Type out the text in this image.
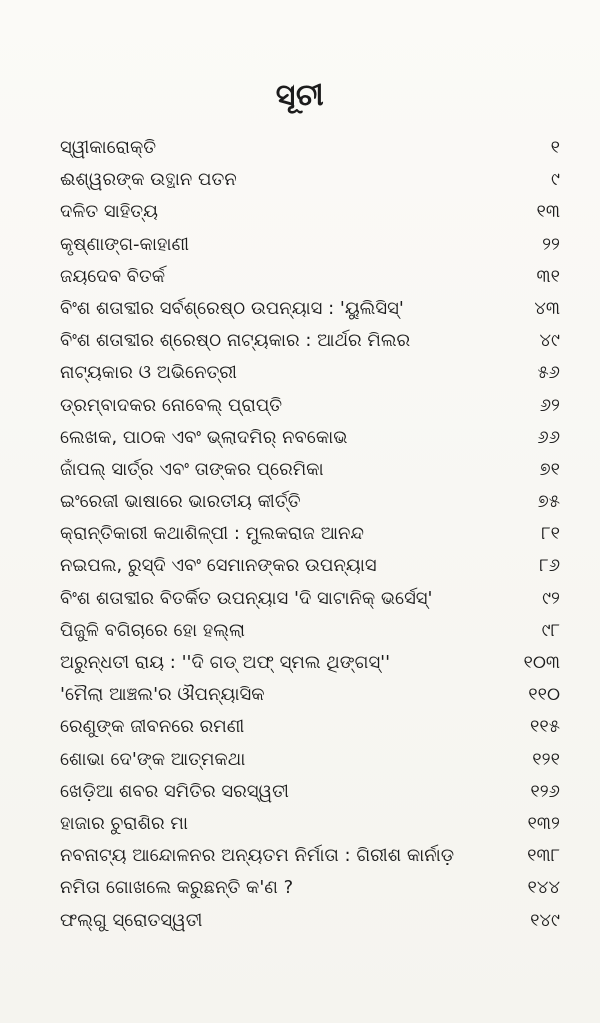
ସୂଚୀ
ସ୍ୱୀକାରୋକ୍ତି	୧
ଈଶ୍ୱରଙ୍କ ଉତ୍ଥାନ ପତନ	୯
ଦଳିତ ସାହିତ୍ୟ	୧୩
କୃଷ୍ଣାଙ୍ଗ-କାହାଣୀ	୨୨
ଜୟଦେବ ବିତର୍କ	୩୧
ବିଂଶ ଶତାବ୍ଦୀର ସର୍ବଶ୍ରେଷ୍ଠ ଉପନ୍ୟାସ : 'ୟୁଲିସିସ୍'	୪୩
ବିଂଶ ଶତାବ୍ଦୀର ଶ୍ରେଷ୍ଠ ନାଟ୍ୟକାର : ଆର୍ଥର ମିଲର	୪୯
ନାଟ୍ୟକାର ଓ ଅଭିନେତ୍ରୀ	୫୬
ଡ୍ରମ୍‌ବାଦକର ନୋବେଲ୍ ପ୍ରାପ୍ତି	୬୨
ଲେଖକ, ପାଠକ ଏବଂ ଭ୍ଲାଦମିର୍ ନବକୋଭ	୬୬
ଜାଁପଲ୍ ସାର୍ତ୍ର ଏବଂ ତାଙ୍କର ପ୍ରେମିକା	୭୧
ଇଂରେଜୀ ଭାଷାରେ ଭାରତୀୟ କୀର୍ତ୍ତି	୭୫
କ୍ରାନ୍ତିକାରୀ କଥାଶିଳ୍ପୀ : ମୁଲକରାଜ ଆନନ୍ଦ	୮୧
ନଇପଲ, ରୁସ୍‌ଦି ଏବଂ ସେମାନଙ୍କର ଉପନ୍ୟାସ	୮୬
ବିଂଶ ଶତାବ୍ଦୀର ବିତର୍କିତ ଉପନ୍ୟାସ 'ଦି ସାଟାନିକ୍ ଭର୍ସେସ୍'	୯୨
ପିଜୁଳି ବଗିଚାରେ ହୋ ହଲ୍ଲା	୯୮
ଅରୁନ୍ଧତୀ ରାୟ : ''ଦି ଗଡ୍ ଅଫ୍ ସ୍ମଲ ଥିଙ୍ଗସ୍''	୧୦୩
'ମୈଲା ଆଞ୍ଚଲ'ର ଔପନ୍ୟାସିକ	୧୧୦
ରେଣୁଙ୍କ ଜୀବନରେ ରମଣୀ	୧୧୫
ଶୋଭା ଦେ'ଙ୍କ ଆତ୍ମକଥା	୧୨୧
ଖେଡ଼ିଆ ଶବର ସମିତିର ସରସ୍ୱତୀ	୧୨୬
ହାଜାର ଚୁରାଶିର ମା	୧୩୨
ନବନାଟ୍ୟ ଆନ୍ଦୋଳନର ଅନ୍ୟତମ ନିର୍ମାତା : ଗିରୀଶ କାର୍ନାଡ଼	୧୩୮
ନମିତା ଗୋଖଲେ କରୁଛନ୍ତି କ'ଣ ?	୧୪୪
ଫଲ୍ଗୁ ସ୍ରୋତସ୍ୱତୀ	୧୪୯
